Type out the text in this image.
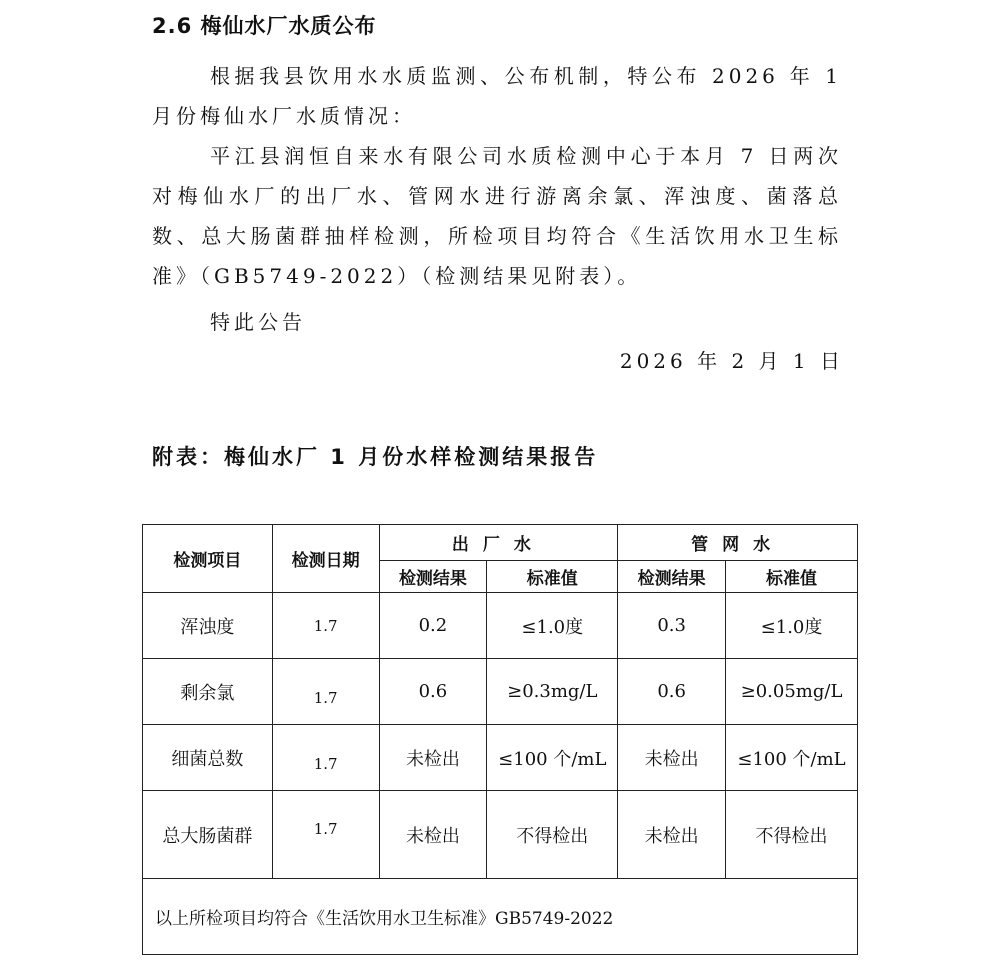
2.6 梅仙水厂水质公布

根据我县饮用水水质监测、公布机制，特公布 2026 年 1 月份梅仙水厂水质情况：

平江县润恒自来水有限公司水质检测中心于本月 7 日两次对梅仙水厂的出厂水、管网水进行游离余氯、浑浊度、菌落总数、总大肠菌群抽样检测，所检项目均符合《生活饮用水卫生标准》（GB5749-2022）（检测结果见附表）。

特此公告
2026 年 2 月 1 日
附表：梅仙水厂 1 月份水样检测结果报告
检测项目	检测日期	出厂水		管网水	
		检测结果	标准值	检测结果	标准值
浑浊度	1.7	0.2	≤1.0度	0.3	≤1.0度
剩余氯	$_{1.7}$	0.6	≥0.3mg/L	0.6	≥0.05mg/L
细菌总数	$_{1.7}$	未检出	≤100 个/mL	未检出	≤100 个/mL
总大肠菌群	$^{1.7}$	未检出	不得检出	未检出	不得检出
以上所检项目均符合《生活饮用水卫生标准》GB5749-2022					
